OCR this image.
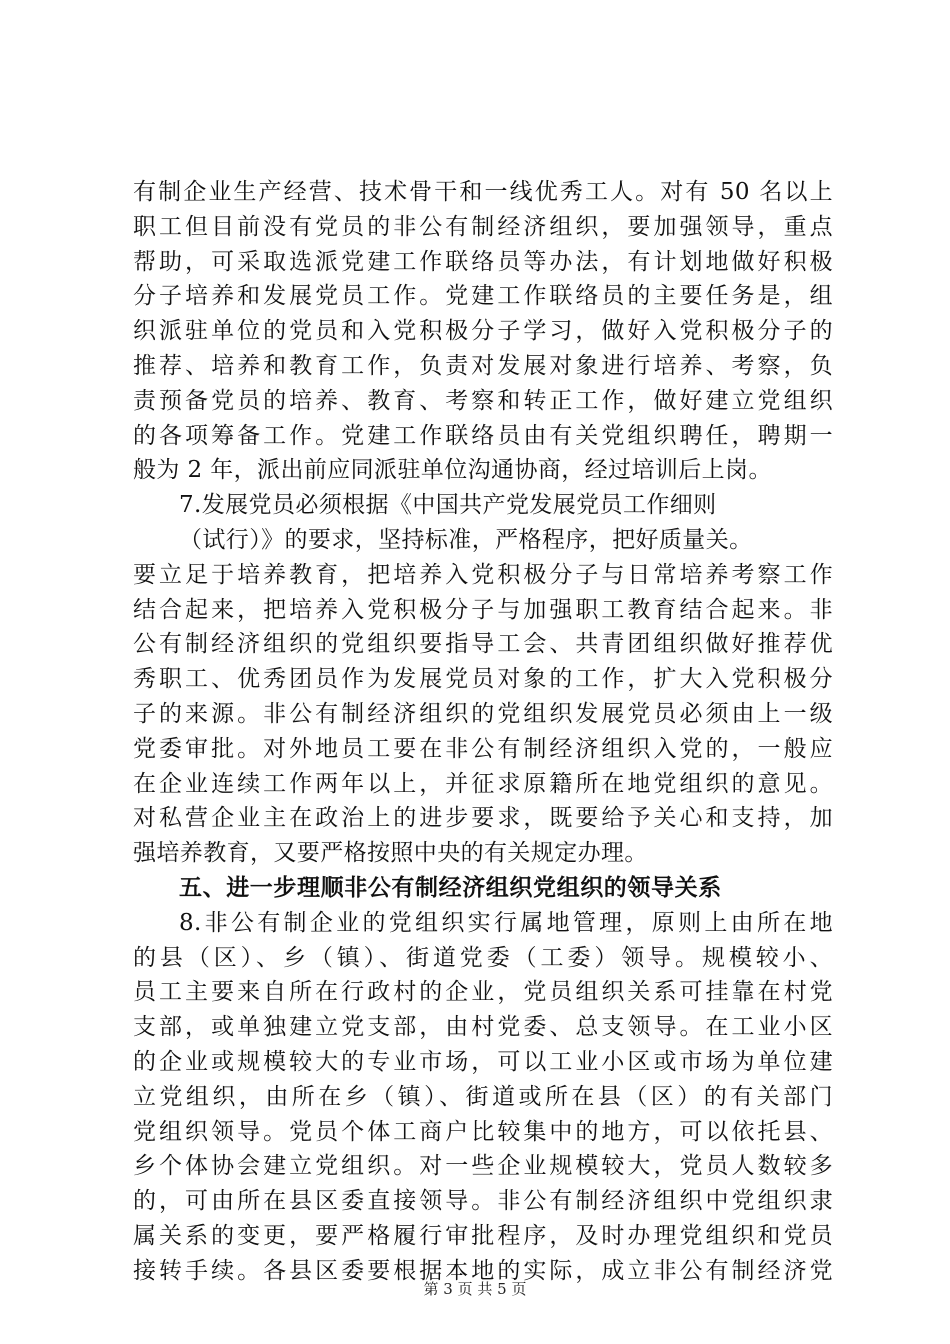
有制企业生产经营、技术骨干和一线优秀工人。对有 50 名以上
职工但目前没有党员的非公有制经济组织，要加强领导，重点
帮助，可采取选派党建工作联络员等办法，有计划地做好积极
分子培养和发展党员工作。党建工作联络员的主要任务是，组
织派驻单位的党员和入党积极分子学习，做好入党积极分子的
推荐、培养和教育工作，负责对发展对象进行培养、考察，负
责预备党员的培养、教育、考察和转正工作，做好建立党组织
的各项筹备工作。党建工作联络员由有关党组织聘任，聘期一
般为 2 年，派出前应同派驻单位沟通协商，经过培训后上岗。
7.发展党员必须根据《中国共产党发展党员工作细则
（试行）》的要求，坚持标准，严格程序，把好质量关。
要立足于培养教育，把培养入党积极分子与日常培养考察工作
结合起来，把培养入党积极分子与加强职工教育结合起来。非
公有制经济组织的党组织要指导工会、共青团组织做好推荐优
秀职工、优秀团员作为发展党员对象的工作，扩大入党积极分
子的来源。非公有制经济组织的党组织发展党员必须由上一级
党委审批。对外地员工要在非公有制经济组织入党的，一般应
在企业连续工作两年以上，并征求原籍所在地党组织的意见。
对私营企业主在政治上的进步要求，既要给予关心和支持，加
强培养教育，又要严格按照中央的有关规定办理。
五、进一步理顺非公有制经济组织党组织的领导关系
8.非公有制企业的党组织实行属地管理，原则上由所在地
的县（区）、乡（镇）、街道党委（工委）领导。规模较小、
员工主要来自所在行政村的企业，党员组织关系可挂靠在村党
支部，或单独建立党支部，由村党委、总支领导。在工业小区
的企业或规模较大的专业市场，可以工业小区或市场为单位建
立党组织，由所在乡（镇）、街道或所在县（区）的有关部门
党组织领导。党员个体工商户比较集中的地方，可以依托县、
乡个体协会建立党组织。对一些企业规模较大，党员人数较多
的，可由所在县区委直接领导。非公有制经济组织中党组织隶
属关系的变更，要严格履行审批程序，及时办理党组织和党员
接转手续。各县区委要根据本地的实际，成立非公有制经济党
第 3 页 共 5 页
